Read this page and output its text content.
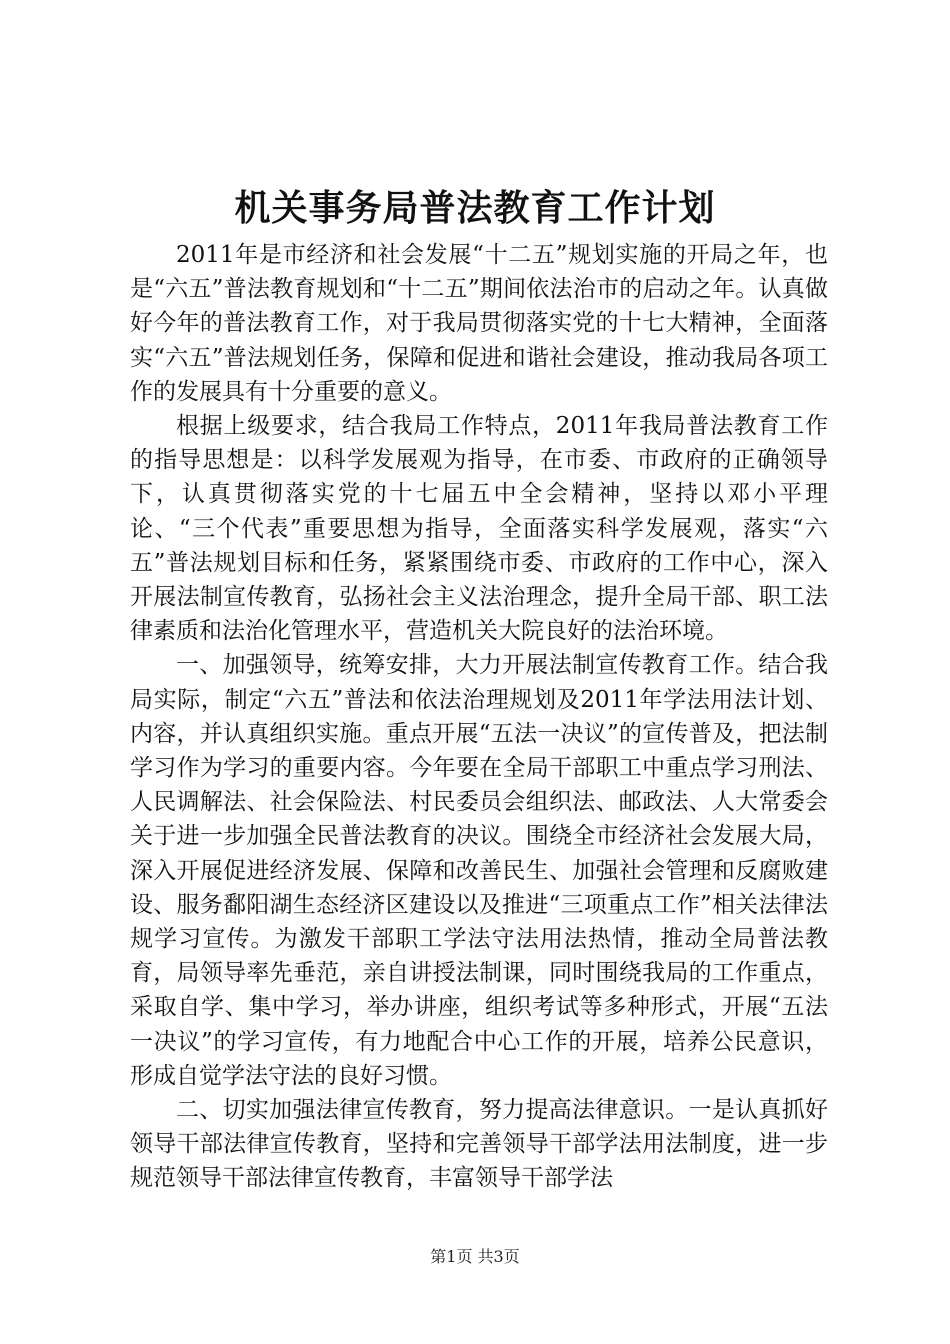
机关事务局普法教育工作计划

2011年是市经济和社会发展“十二五”规划实施的开局之年，也是“六五”普法教育规划和“十二五”期间依法治市的启动之年。认真做好今年的普法教育工作，对于我局贯彻落实党的十七大精神，全面落实“六五”普法规划任务，保障和促进和谐社会建设，推动我局各项工作的发展具有十分重要的意义。

根据上级要求，结合我局工作特点，2011年我局普法教育工作的指导思想是：以科学发展观为指导，在市委、市政府的正确领导下，认真贯彻落实党的十七届五中全会精神，坚持以邓小平理论、“三个代表”重要思想为指导，全面落实科学发展观，落实“六五”普法规划目标和任务，紧紧围绕市委、市政府的工作中心，深入开展法制宣传教育，弘扬社会主义法治理念，提升全局干部、职工法律素质和法治化管理水平，营造机关大院良好的法治环境。

一、加强领导，统筹安排，大力开展法制宣传教育工作。结合我局实际，制定“六五”普法和依法治理规划及2011年学法用法计划、内容，并认真组织实施。重点开展“五法一决议”的宣传普及，把法制学习作为学习的重要内容。今年要在全局干部职工中重点学习刑法、人民调解法、社会保险法、村民委员会组织法、邮政法、人大常委会关于进一步加强全民普法教育的决议。围绕全市经济社会发展大局，深入开展促进经济发展、保障和改善民生、加强社会管理和反腐败建设、服务鄱阳湖生态经济区建设以及推进“三项重点工作”相关法律法规学习宣传。为激发干部职工学法守法用法热情，推动全局普法教育，局领导率先垂范，亲自讲授法制课，同时围绕我局的工作重点，采取自学、集中学习，举办讲座，组织考试等多种形式，开展“五法一决议”的学习宣传，有力地配合中心工作的开展，培养公民意识，形成自觉学法守法的良好习惯。

二、切实加强法律宣传教育，努力提高法律意识。一是认真抓好领导干部法律宣传教育，坚持和完善领导干部学法用法制度，进一步规范领导干部法律宣传教育，丰富领导干部学法

第1页 共3页
